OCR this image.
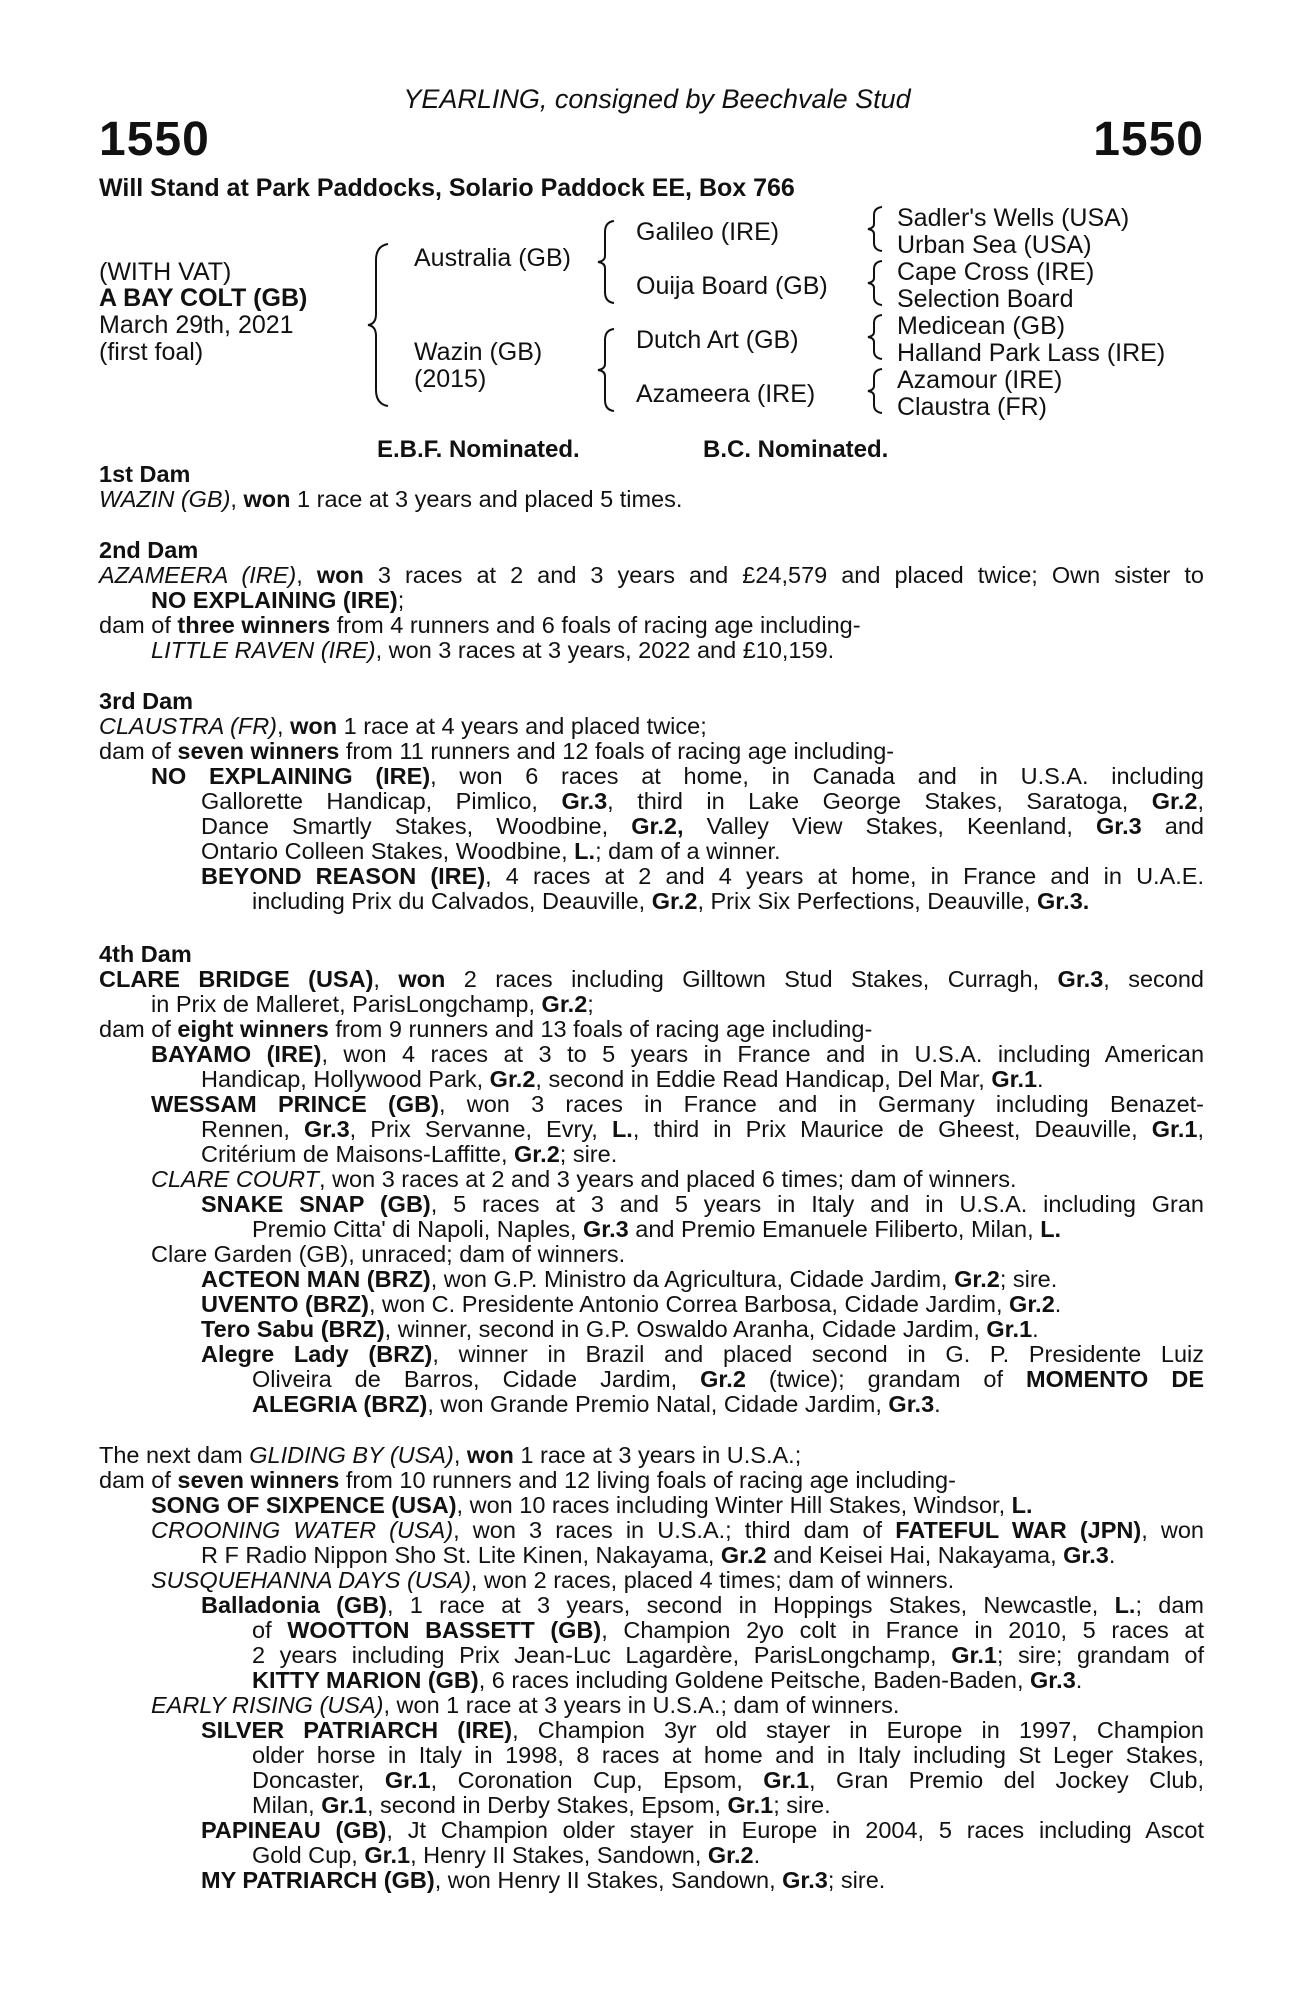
YEARLING, consigned by Beechvale Stud
1550	1550
Will Stand at Park Paddocks, Solario Paddock EE, Box 766
(WITH VAT)
A BAY COLT (GB)
March 29th, 2021
(first foal)
Australia (GB)
Wazin (GB)
(2015)
Galileo (IRE)
Ouija Board (GB)
Dutch Art (GB)
Azameera (IRE)
Sadler's Wells (USA)
Urban Sea (USA)
Cape Cross (IRE)
Selection Board
Medicean (GB)
Halland Park Lass (IRE)
Azamour (IRE)
Claustra (FR)
E.B.F. Nominated.	B.C. Nominated.
1st Dam
WAZIN (GB), won 1 race at 3 years and placed 5 times.
2nd Dam
AZAMEERA (IRE), won 3 races at 2 and 3 years and £24,579 and placed twice; Own sister to
NO EXPLAINING (IRE);
dam of three winners from 4 runners and 6 foals of racing age including-
LITTLE RAVEN (IRE), won 3 races at 3 years, 2022 and £10,159.
3rd Dam
CLAUSTRA (FR), won 1 race at 4 years and placed twice;
dam of seven winners from 11 runners and 12 foals of racing age including-
NO EXPLAINING (IRE), won 6 races at home, in Canada and in U.S.A. including
Gallorette Handicap, Pimlico, Gr.3, third in Lake George Stakes, Saratoga, Gr.2,
Dance Smartly Stakes, Woodbine, Gr.2, Valley View Stakes, Keenland, Gr.3 and
Ontario Colleen Stakes, Woodbine, L.; dam of a winner.
BEYOND REASON (IRE), 4 races at 2 and 4 years at home, in France and in U.A.E.
including Prix du Calvados, Deauville, Gr.2, Prix Six Perfections, Deauville, Gr.3.
4th Dam
CLARE BRIDGE (USA), won 2 races including Gilltown Stud Stakes, Curragh, Gr.3, second
in Prix de Malleret, ParisLongchamp, Gr.2;
dam of eight winners from 9 runners and 13 foals of racing age including-
BAYAMO (IRE), won 4 races at 3 to 5 years in France and in U.S.A. including American
Handicap, Hollywood Park, Gr.2, second in Eddie Read Handicap, Del Mar, Gr.1.
WESSAM PRINCE (GB), won 3 races in France and in Germany including Benazet-
Rennen, Gr.3, Prix Servanne, Evry, L., third in Prix Maurice de Gheest, Deauville, Gr.1,
Critérium de Maisons-Laffitte, Gr.2; sire.
CLARE COURT, won 3 races at 2 and 3 years and placed 6 times; dam of winners.
SNAKE SNAP (GB), 5 races at 3 and 5 years in Italy and in U.S.A. including Gran
Premio Citta' di Napoli, Naples, Gr.3 and Premio Emanuele Filiberto, Milan, L.
Clare Garden (GB), unraced; dam of winners.
ACTEON MAN (BRZ), won G.P. Ministro da Agricultura, Cidade Jardim, Gr.2; sire.
UVENTO (BRZ), won C. Presidente Antonio Correa Barbosa, Cidade Jardim, Gr.2.
Tero Sabu (BRZ), winner, second in G.P. Oswaldo Aranha, Cidade Jardim, Gr.1.
Alegre Lady (BRZ), winner in Brazil and placed second in G. P. Presidente Luiz
Oliveira de Barros, Cidade Jardim, Gr.2 (twice); grandam of MOMENTO DE
ALEGRIA (BRZ), won Grande Premio Natal, Cidade Jardim, Gr.3.
The next dam GLIDING BY (USA), won 1 race at 3 years in U.S.A.;
dam of seven winners from 10 runners and 12 living foals of racing age including-
SONG OF SIXPENCE (USA), won 10 races including Winter Hill Stakes, Windsor, L.
CROONING WATER (USA), won 3 races in U.S.A.; third dam of FATEFUL WAR (JPN), won
R F Radio Nippon Sho St. Lite Kinen, Nakayama, Gr.2 and Keisei Hai, Nakayama, Gr.3.
SUSQUEHANNA DAYS (USA), won 2 races, placed 4 times; dam of winners.
Balladonia (GB), 1 race at 3 years, second in Hoppings Stakes, Newcastle, L.; dam
of WOOTTON BASSETT (GB), Champion 2yo colt in France in 2010, 5 races at
2 years including Prix Jean-Luc Lagardère, ParisLongchamp, Gr.1; sire; grandam of
KITTY MARION (GB), 6 races including Goldene Peitsche, Baden-Baden, Gr.3.
EARLY RISING (USA), won 1 race at 3 years in U.S.A.; dam of winners.
SILVER PATRIARCH (IRE), Champion 3yr old stayer in Europe in 1997, Champion
older horse in Italy in 1998, 8 races at home and in Italy including St Leger Stakes,
Doncaster, Gr.1, Coronation Cup, Epsom, Gr.1, Gran Premio del Jockey Club,
Milan, Gr.1, second in Derby Stakes, Epsom, Gr.1; sire.
PAPINEAU (GB), Jt Champion older stayer in Europe in 2004, 5 races including Ascot
Gold Cup, Gr.1, Henry II Stakes, Sandown, Gr.2.
MY PATRIARCH (GB), won Henry II Stakes, Sandown, Gr.3; sire.
